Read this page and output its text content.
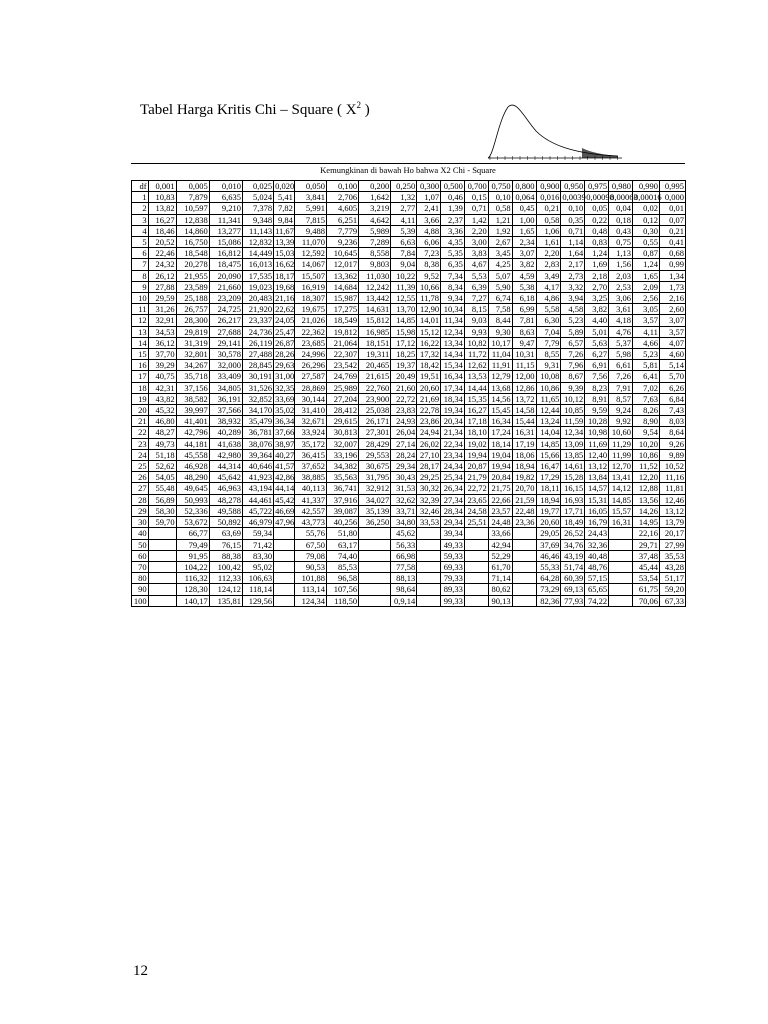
Tabel Harga Kritis Chi – Square ( $X^2$ )
Kemungkinan di bawah Ho bahwa X2 Chi - Square
df	0,001	0,005	0,010	0,025	0,020	0,050	0,100	0,200	0,250	0,300	0,500	0,700	0,750	0,800	0,900	0,950	0,975	0,980	0,990	0,995
1	10,83	7,879	6,635	5,024	5,41	3,841	2,706	1,642	1,32	1,07	0,46	0,15	0,10	0,064	0,016	0,0039	0,00098	0,00063	0,00016	0,000
2	13,82	10,597	9,210	7,378	7,82	5,991	4,605	3,219	2,77	2,41	1,39	0,71	0,58	0,45	0,21	0,10	0,05	0,04	0,02	0,01
3	16,27	12,838	11,341	9,348	9,84	7,815	6,251	4,642	4,11	3,66	2,37	1,42	1,21	1,00	0,58	0,35	0,22	0,18	0,12	0,07
4	18,46	14,860	13,277	11,143	11,67	9,488	7,779	5,989	5,39	4,88	3,36	2,20	1,92	1,65	1,06	0,71	0,48	0,43	0,30	0,21
5	20,52	16,750	15,086	12,832	13,39	11,070	9,236	7,289	6,63	6,06	4,35	3,00	2,67	2,34	1,61	1,14	0,83	0,75	0,55	0,41
6	22,46	18,548	16,812	14,449	15,03	12,592	10,645	8,558	7,84	7,23	5,35	3,83	3,45	3,07	2,20	1,64	1,24	1,13	0,87	0,68
7	24,32	20,278	18,475	16,013	16,62	14,067	12,017	9,803	9,04	8,38	6,35	4,67	4,25	3,82	2,83	2,17	1,69	1,56	1,24	0,99
8	26,12	21,955	20,090	17,535	18,17	15,507	13,362	11,030	10,22	9,52	7,34	5,53	5,07	4,59	3,49	2,73	2,18	2,03	1,65	1,34
9	27,88	23,589	21,660	19,023	19,68	16,919	14,684	12,242	11,39	10,66	8,34	6,39	5,90	5,38	4,17	3,32	2,70	2,53	2,09	1,73
10	29,59	25,188	23,209	20,483	21,16	18,307	15,987	13,442	12,55	11,78	9,34	7,27	6,74	6,18	4,86	3,94	3,25	3,06	2,56	2,16
11	31,26	26,757	24,725	21,920	22,62	19,675	17,275	14,631	13,70	12,90	10,34	8,15	7,58	6,99	5,58	4,58	3,82	3,61	3,05	2,60
12	32,91	28,300	26,217	23,337	24,05	21,026	18,549	15,812	14,85	14,01	11,34	9,03	8,44	7,81	6,30	5,23	4,40	4,18	3,57	3,07
13	34,53	29,819	27,688	24,736	25,47	22,362	19,812	16,985	15,98	15,12	12,34	9,93	9,30	8,63	7,04	5,89	5,01	4,76	4,11	3,57
14	36,12	31,319	29,141	26,119	26,87	23,685	21,064	18,151	17,12	16,22	13,34	10,82	10,17	9,47	7,79	6,57	5,63	5,37	4,66	4,07
15	37,70	32,801	30,578	27,488	28,26	24,996	22,307	19,311	18,25	17,32	14,34	11,72	11,04	10,31	8,55	7,26	6,27	5,98	5,23	4,60
16	39,29	34,267	32,000	28,845	29,63	26,296	23,542	20,465	19,37	18,42	15,34	12,62	11,91	11,15	9,31	7,96	6,91	6,61	5,81	5,14
17	40,75	35,718	33,409	30,191	31,00	27,587	24,769	21,615	20,49	19,51	16,34	13,53	12,79	12,00	10,08	8,67	7,56	7,26	6,41	5,70
18	42,31	37,156	34,805	31,526	32,35	28,869	25,989	22,760	21,60	20,60	17,34	14,44	13,68	12,86	10,86	9,39	8,23	7,91	7,02	6,26
19	43,82	38,582	36,191	32,852	33,69	30,144	27,204	23,900	22,72	21,69	18,34	15,35	14,56	13,72	11,65	10,12	8,91	8,57	7,63	6,84
20	45,32	39,997	37,566	34,170	35,02	31,410	28,412	25,038	23,83	22,78	19,34	16,27	15,45	14,58	12,44	10,85	9,59	9,24	8,26	7,43
21	46,80	41,401	38,932	35,479	36,34	32,671	29,615	26,171	24,93	23,86	20,34	17,18	16,34	15,44	13,24	11,59	10,28	9,92	8,90	8,03
22	48,27	42,796	40,289	36,781	37,66	33,924	30,813	27,301	26,04	24,94	21,34	18,10	17,24	16,31	14,04	12,34	10,98	10,60	9,54	8,64
23	49,73	44,181	41,638	38,076	38,97	35,172	32,007	28,429	27,14	26,02	22,34	19,02	18,14	17,19	14,85	13,09	11,69	11,29	10,20	9,26
24	51,18	45,558	42,980	39,364	40,27	36,415	33,196	29,553	28,24	27,10	23,34	19,94	19,04	18,06	15,66	13,85	12,40	11,99	10,86	9,89
25	52,62	46,928	44,314	40,646	41,57	37,652	34,382	30,675	29,34	28,17	24,34	20,87	19,94	18,94	16,47	14,61	13,12	12,70	11,52	10,52
26	54,05	48,290	45,642	41,923	42,86	38,885	35,563	31,795	30,43	29,25	25,34	21,79	20,84	19,82	17,29	15,28	13,84	13,41	12,20	11,16
27	55,48	49,645	46,963	43,194	44,14	40,113	36,741	32,912	31,53	30,32	26,34	22,72	21,75	20,70	18,11	16,15	14,57	14,12	12,88	11,81
28	56,89	50,993	48,278	44,461	45,42	41,337	37,916	34,027	32,62	32,39	27,34	23,65	22,66	21,59	18,94	16,93	15,31	14,85	13,56	12,46
29	58,30	52,336	49,588	45,722	46,69	42,557	39,087	35,139	33,71	32,46	28,34	24,58	23,57	22,48	19,77	17,71	16,05	15,57	14,26	13,12
30	59,70	53,672	50,892	46,979	47,96	43,773	40,256	36,250	34,80	33,53	29,34	25,51	24,48	23,36	20,60	18,49	16,79	16,31	14,95	13,79
40		66,77	63,69	59,34		55,76	51,80		45,62		39,34		33,66		29,05	26,52	24,43		22,16	20,17
50		79,49	76,15	71,42		67,50	63,17		56,33		49,33		42,94		37,69	34,76	32,36		29,71	27,99
60		91,95	88,38	83,30		79,08	74,40		66,98		59,33		52,29		46,46	43,19	40,48		37,48	35,53
70		104,22	100,42	95,02		90,53	85,53		77,58		69,33		61,70		55,33	51,74	48,76		45,44	43,28
80		116,32	112,33	106,63		101,88	96,58		88,13		79,33		71,14		64,28	60,39	57,15		53,54	51,17
90		128,30	124,12	118,14		113,14	107,56		98,64		89,33		80,62		73,29	69,13	65,65		61,75	59,20
100		140,17	135,81	129,56		124,34	118,50		0,9,14		99,33		90,13		82,36	77,93	74,22		70,06	67,33
12
